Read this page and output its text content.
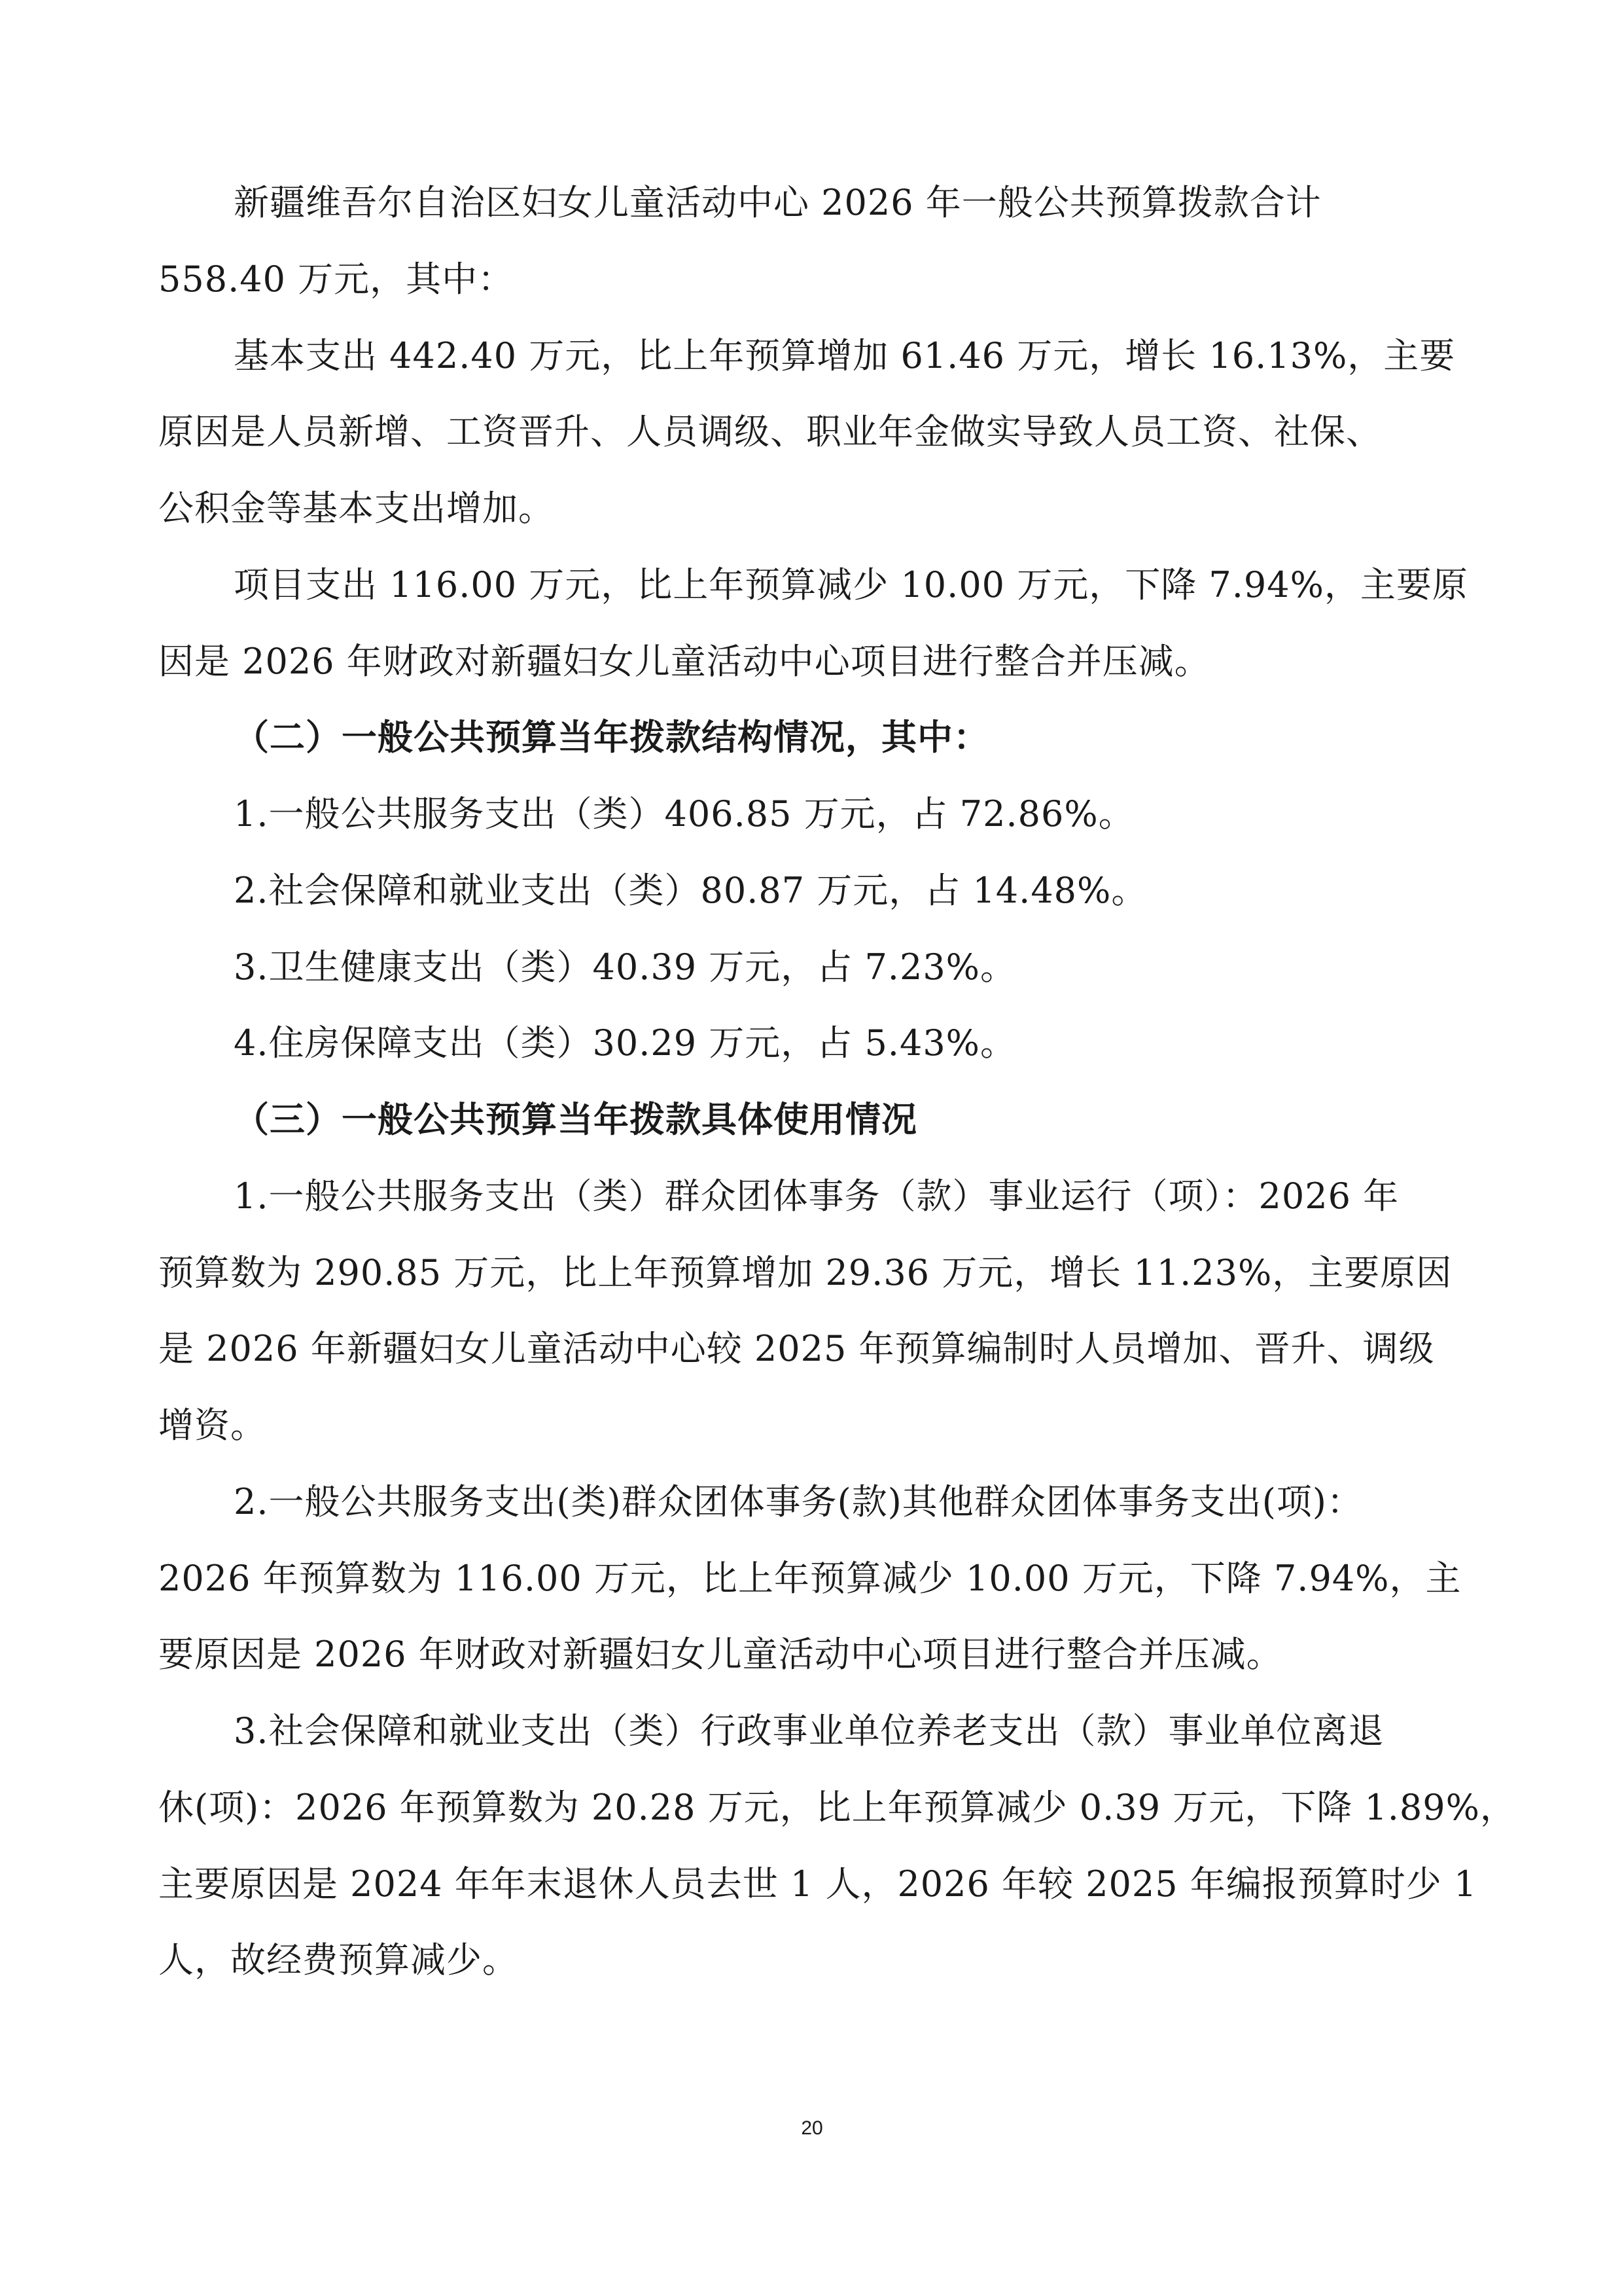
新疆维吾尔自治区妇女儿童活动中心 2026 年一般公共预算拨款合计

558.40 万元，其中：

基本支出 442.40 万元，比上年预算增加 61.46 万元，增长 16.13%，主要

原因是人员新增、工资晋升、人员调级、职业年金做实导致人员工资、社保、

公积金等基本支出增加。

项目支出 116.00 万元，比上年预算减少 10.00 万元，下降 7.94%，主要原

因是 2026 年财政对新疆妇女儿童活动中心项目进行整合并压减。

（二）一般公共预算当年拨款结构情况，其中：

1.一般公共服务支出（类）406.85 万元，占 72.86%。

2.社会保障和就业支出（类）80.87 万元，占 14.48%。

3.卫生健康支出（类）40.39 万元，占 7.23%。

4.住房保障支出（类）30.29 万元，占 5.43%。

（三）一般公共预算当年拨款具体使用情况

1.一般公共服务支出（类）群众团体事务（款）事业运行（项）：2026 年

预算数为 290.85 万元，比上年预算增加 29.36 万元，增长 11.23%，主要原因

是 2026 年新疆妇女儿童活动中心较 2025 年预算编制时人员增加、晋升、调级

增资。

2.一般公共服务支出(类)群众团体事务(款)其他群众团体事务支出(项)：

2026 年预算数为 116.00 万元，比上年预算减少 10.00 万元，下降 7.94%，主

要原因是 2026 年财政对新疆妇女儿童活动中心项目进行整合并压减。

3.社会保障和就业支出（类）行政事业单位养老支出（款）事业单位离退

休(项)：2026 年预算数为 20.28 万元，比上年预算减少 0.39 万元，下降 1.89%，

主要原因是 2024 年年末退休人员去世 1 人，2026 年较 2025 年编报预算时少 1

人，故经费预算减少。

20
